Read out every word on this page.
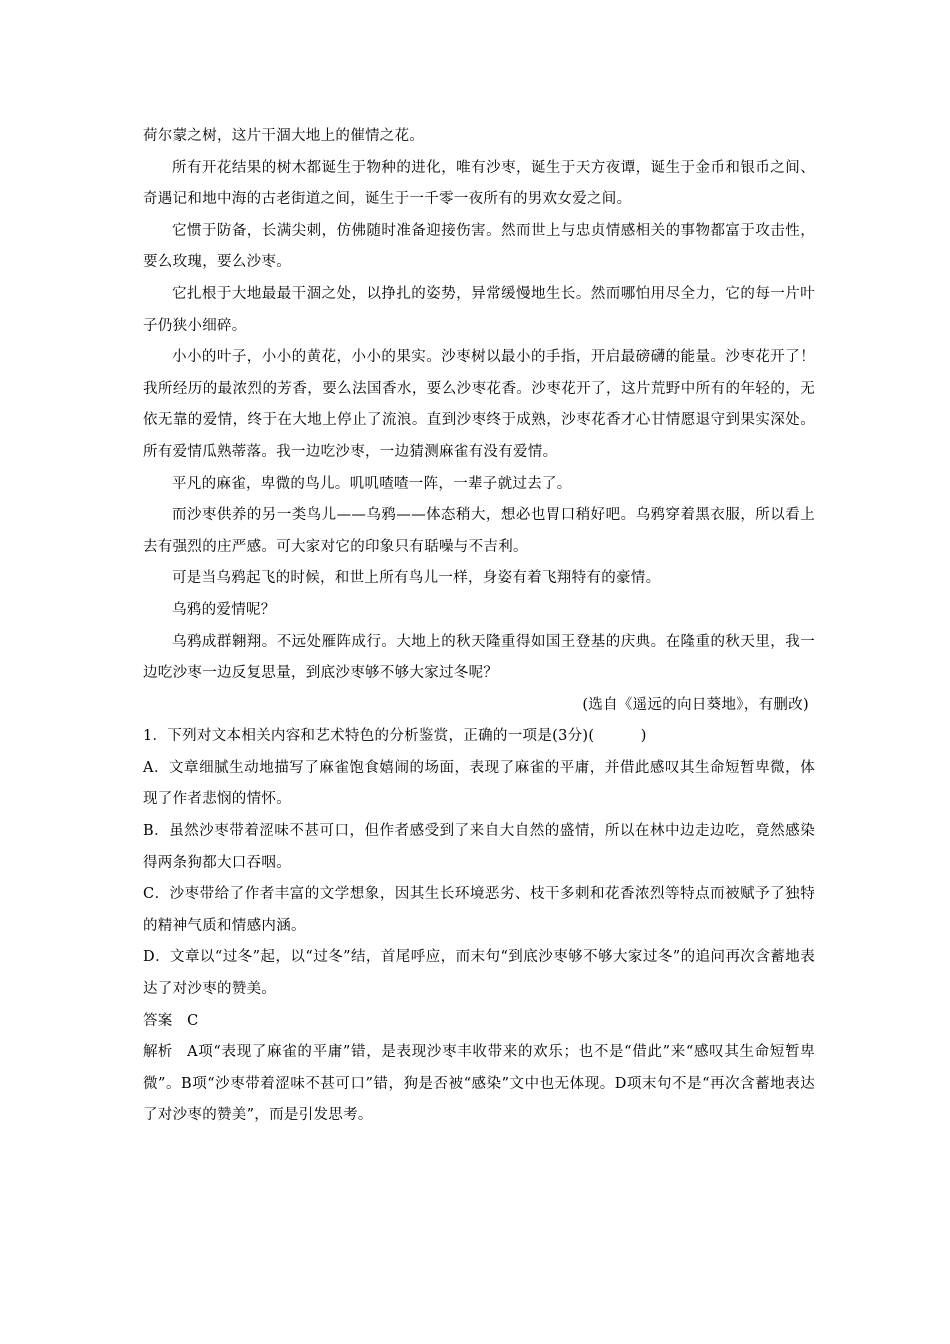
荷尔蒙之树，这片干涸大地上的催情之花。

所有开花结果的树木都诞生于物种的进化，唯有沙枣，诞生于天方夜谭，诞生于金币和银币之间、奇遇记和地中海的古老街道之间，诞生于一千零一夜所有的男欢女爱之间。

它惯于防备，长满尖刺，仿佛随时准备迎接伤害。然而世上与忠贞情感相关的事物都富于攻击性，要么玫瑰，要么沙枣。

它扎根于大地最最干涸之处，以挣扎的姿势，异常缓慢地生长。然而哪怕用尽全力，它的每一片叶子仍狭小细碎。

小小的叶子，小小的黄花，小小的果实。沙枣树以最小的手指，开启最磅礴的能量。沙枣花开了！我所经历的最浓烈的芳香，要么法国香水，要么沙枣花香。沙枣花开了，这片荒野中所有的年轻的，无依无靠的爱情，终于在大地上停止了流浪。直到沙枣终于成熟，沙枣花香才心甘情愿退守到果实深处。所有爱情瓜熟蒂落。我一边吃沙枣，一边猜测麻雀有没有爱情。

平凡的麻雀，卑微的鸟儿。叽叽喳喳一阵，一辈子就过去了。

而沙枣供养的另一类鸟儿——乌鸦——体态稍大，想必也胃口稍好吧。乌鸦穿着黑衣服，所以看上去有强烈的庄严感。可大家对它的印象只有聒噪与不吉利。

可是当乌鸦起飞的时候，和世上所有鸟儿一样，身姿有着飞翔特有的豪情。

乌鸦的爱情呢？

乌鸦成群翱翔。不远处雁阵成行。大地上的秋天隆重得如国王登基的庆典。在隆重的秋天里，我一边吃沙枣一边反复思量，到底沙枣够不够大家过冬呢？

(选自《遥远的向日葵地》，有删改)

1．下列对文本相关内容和艺术特色的分析鉴赏，正确的一项是(3分)(	)

A．文章细腻生动地描写了麻雀饱食嬉闹的场面，表现了麻雀的平庸，并借此感叹其生命短暂卑微，体现了作者悲悯的情怀。

B．虽然沙枣带着涩味不甚可口，但作者感受到了来自大自然的盛情，所以在林中边走边吃，竟然感染得两条狗都大口吞咽。

C．沙枣带给了作者丰富的文学想象，因其生长环境恶劣、枝干多刺和花香浓烈等特点而被赋予了独特的精神气质和情感内涵。

D．文章以“过冬”起，以“过冬”结，首尾呼应，而末句“到底沙枣够不够大家过冬”的追问再次含蓄地表达了对沙枣的赞美。

答案 C

解析 A项“表现了麻雀的平庸”错，是表现沙枣丰收带来的欢乐；也不是“借此”来“感叹其生命短暂卑微”。B项“沙枣带着涩味不甚可口”错，狗是否被“感染”文中也无体现。D项末句不是“再次含蓄地表达了对沙枣的赞美”，而是引发思考。
